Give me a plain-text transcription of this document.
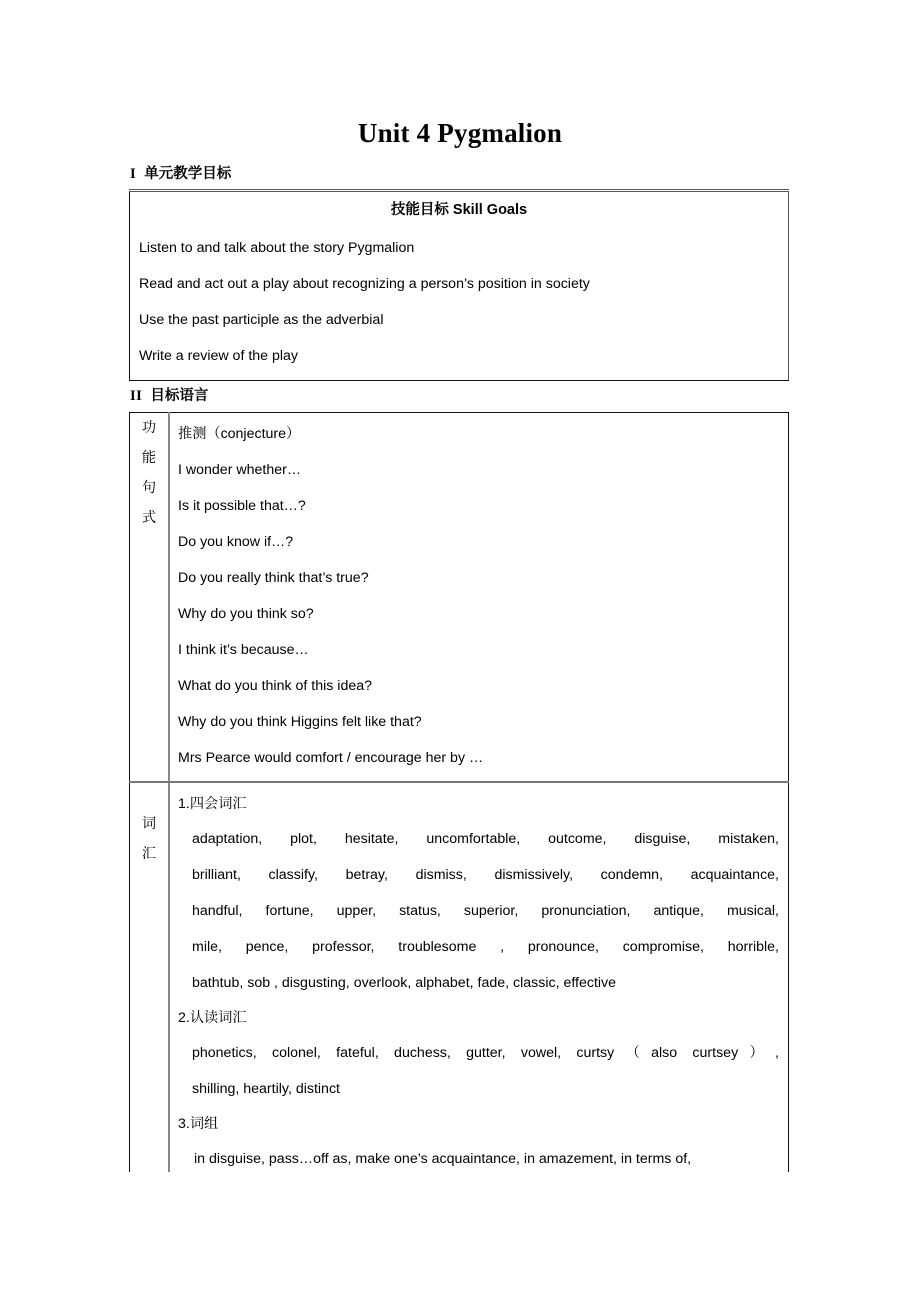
Unit 4 Pygmalion
I 单元教学目标
技能目标 Skill Goals

Listen to and talk about the story Pygmalion
Read and act out a play about recognizing a person’s position in society
Use the past participle as the adverbial
Write a review of the play
II 目标语言
功
能
句
式

推测（conjecture）
I wonder whether…
Is it possible that…?
Do you know if…?
Do you really think that’s true?
Why do you think so?
I think it’s because…
What do you think of this idea?
Why do you think Higgins felt like that?
Mrs Pearce would comfort / encourage her by …

词
汇

1.四会词汇
adaptation, plot, hesitate, uncomfortable, outcome, disguise, mistaken,
brilliant, classify, betray, dismiss, dismissively, condemn, acquaintance,
handful, fortune, upper, status, superior, pronunciation, antique, musical,
mile, pence, professor, troublesome , pronounce, compromise, horrible,
bathtub, sob , disgusting, overlook, alphabet, fade, classic, effective
2.认读词汇
phonetics, colonel, fateful, duchess, gutter, vowel, curtsy（also curtsey）,
shilling, heartily, distinct
3.词组
in disguise, pass…off as, make one’s acquaintance, in amazement, in terms of,
